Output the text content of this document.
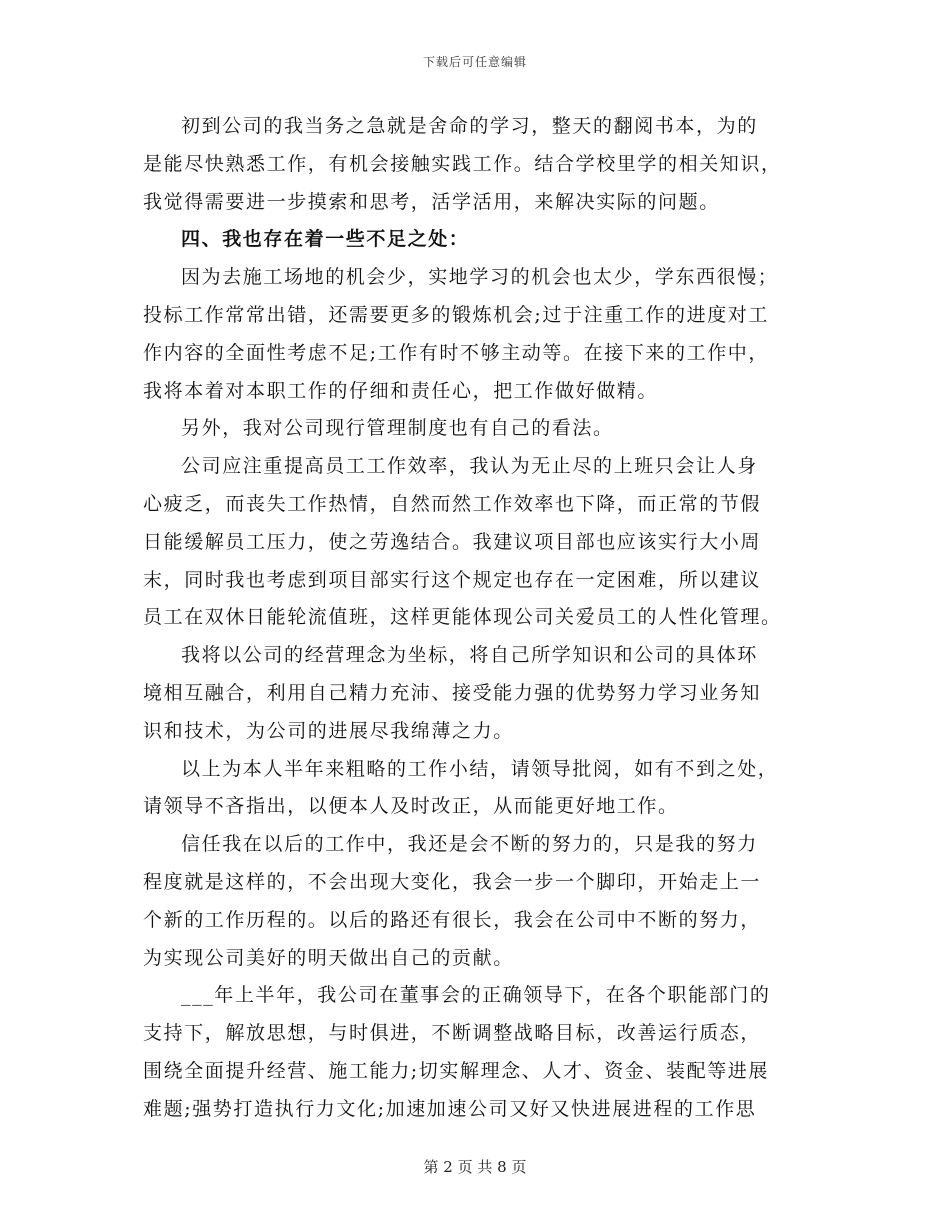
下载后可任意编辑

初到公司的我当务之急就是舍命的学习，整天的翻阅书本，为的
是能尽快熟悉工作，有机会接触实践工作。结合学校里学的相关知识，
我觉得需要进一步摸索和思考，活学活用，来解决实际的问题。

四、我也存在着一些不足之处：

因为去施工场地的机会少，实地学习的机会也太少，学东西很慢；
投标工作常常出错，还需要更多的锻炼机会;过于注重工作的进度对工
作内容的全面性考虑不足;工作有时不够主动等。在接下来的工作中，
我将本着对本职工作的仔细和责任心，把工作做好做精。

另外，我对公司现行管理制度也有自己的看法。

公司应注重提高员工工作效率，我认为无止尽的上班只会让人身
心疲乏，而丧失工作热情，自然而然工作效率也下降，而正常的节假
日能缓解员工压力，使之劳逸结合。我建议项目部也应该实行大小周
末，同时我也考虑到项目部实行这个规定也存在一定困难，所以建议
员工在双休日能轮流值班，这样更能体现公司关爱员工的人性化管理。

我将以公司的经营理念为坐标，将自己所学知识和公司的具体环
境相互融合，利用自己精力充沛、接受能力强的优势努力学习业务知
识和技术，为公司的进展尽我绵薄之力。

以上为本人半年来粗略的工作小结，请领导批阅，如有不到之处，
请领导不吝指出，以便本人及时改正，从而能更好地工作。

信任我在以后的工作中，我还是会不断的努力的，只是我的努力
程度就是这样的，不会出现大变化，我会一步一个脚印，开始走上一
个新的工作历程的。以后的路还有很长，我会在公司中不断的努力，
为实现公司美好的明天做出自己的贡献。

___年上半年，我公司在董事会的正确领导下，在各个职能部门的
支持下，解放思想，与时俱进，不断调整战略目标，改善运行质态，
围绕全面提升经营、施工能力;切实解理念、人才、资金、装配等进展
难题;强势打造执行力文化;加速加速公司又好又快进展进程的工作思

第 2 页 共 8 页
